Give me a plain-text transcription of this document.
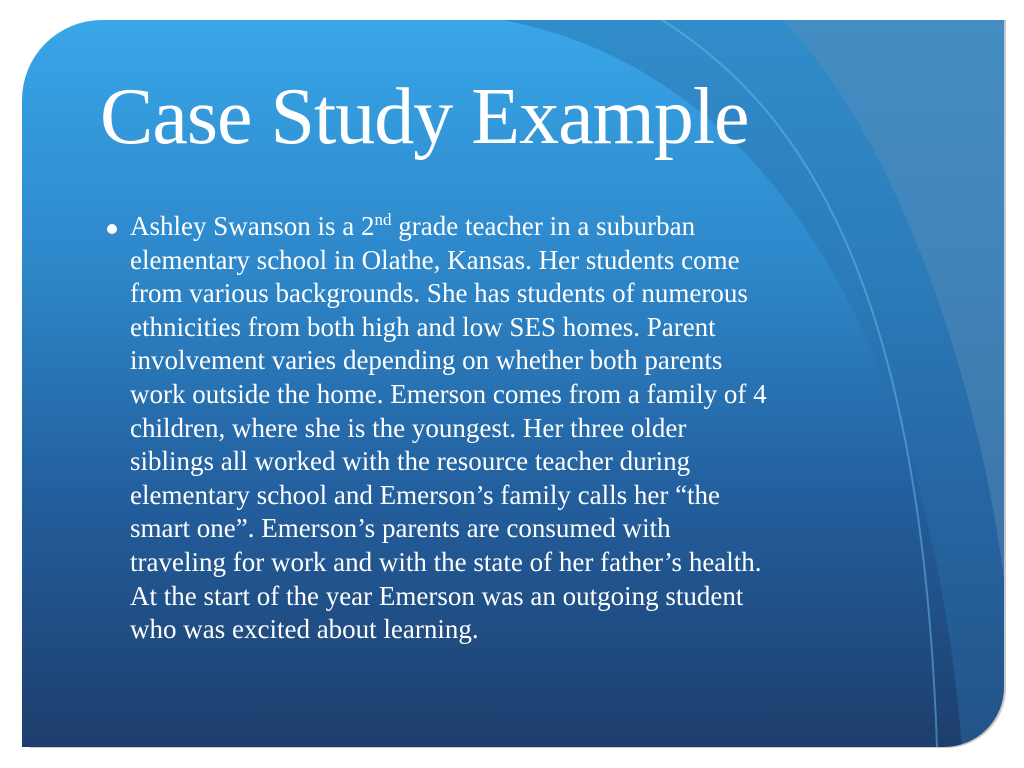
Case Study Example
Ashley Swanson is a 2nd grade teacher in a suburban
elementary school in Olathe, Kansas. Her students come
from various backgrounds. She has students of numerous
ethnicities from both high and low SES homes. Parent
involvement varies depending on whether both parents
work outside the home. Emerson comes from a family of 4
children, where she is the youngest. Her three older
siblings all worked with the resource teacher during
elementary school and Emerson’s family calls her “the
smart one”. Emerson’s parents are consumed with
traveling for work and with the state of her father’s health.
At the start of the year Emerson was an outgoing student
who was excited about learning.
